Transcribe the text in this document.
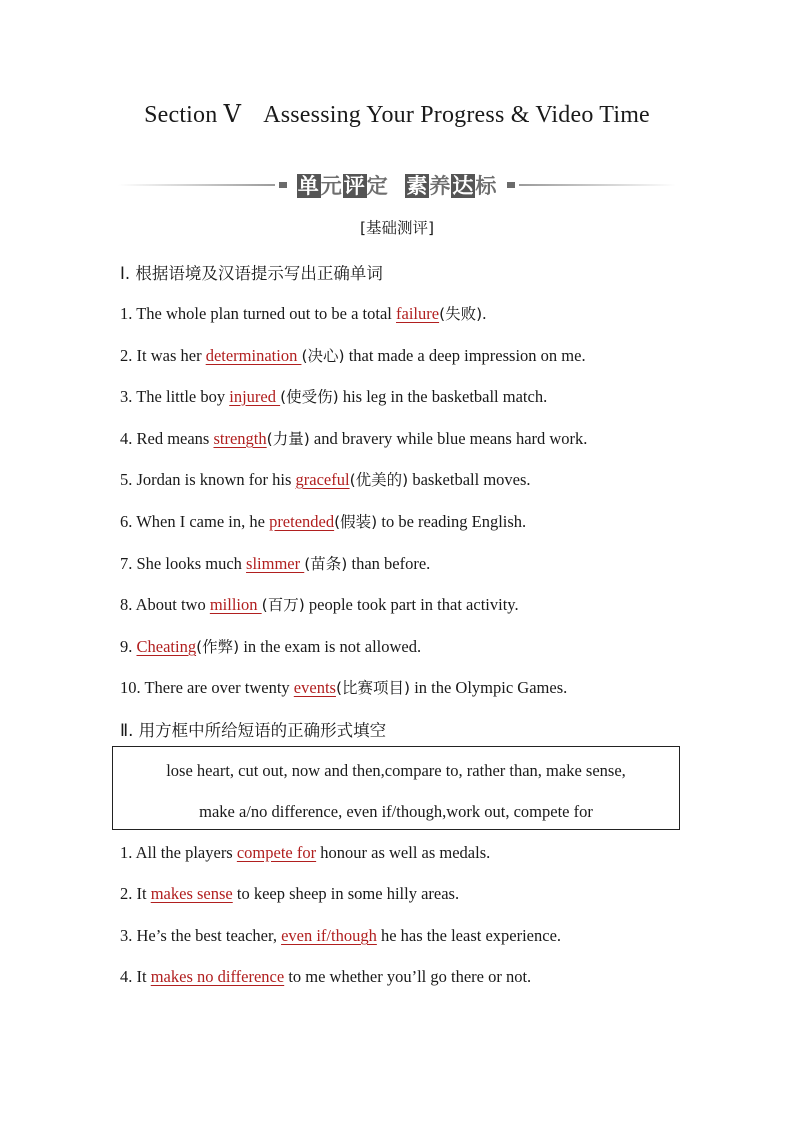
Section Ⅴ Assessing Your Progress & Video Time
单元评定 素养达标
[基础测评]
Ⅰ. 根据语境及汉语提示写出正确单词
1. The whole plan turned out to be a total failure(失败).
2. It was her determination (决心) that made a deep impression on me.
3. The little boy injured (使受伤) his leg in the basketball match.
4. Red means strength(力量) and bravery while blue means hard work.
5. Jordan is known for his graceful(优美的) basketball moves.
6. When I came in, he pretended(假装) to be reading English.
7. She looks much slimmer (苗条) than before.
8. About two million (百万) people took part in that activity.
9. Cheating(作弊) in the exam is not allowed.
10. There are over twenty events(比赛项目) in the Olympic Games.
Ⅱ. 用方框中所给短语的正确形式填空
lose heart, cut out, now and then,compare to, rather than, make sense,
make a/no difference, even if/though,work out, compete for
1. All the players compete for honour as well as medals.
2. It makes sense to keep sheep in some hilly areas.
3. He’s the best teacher, even if/though he has the least experience.
4. It makes no difference to me whether you’ll go there or not.
